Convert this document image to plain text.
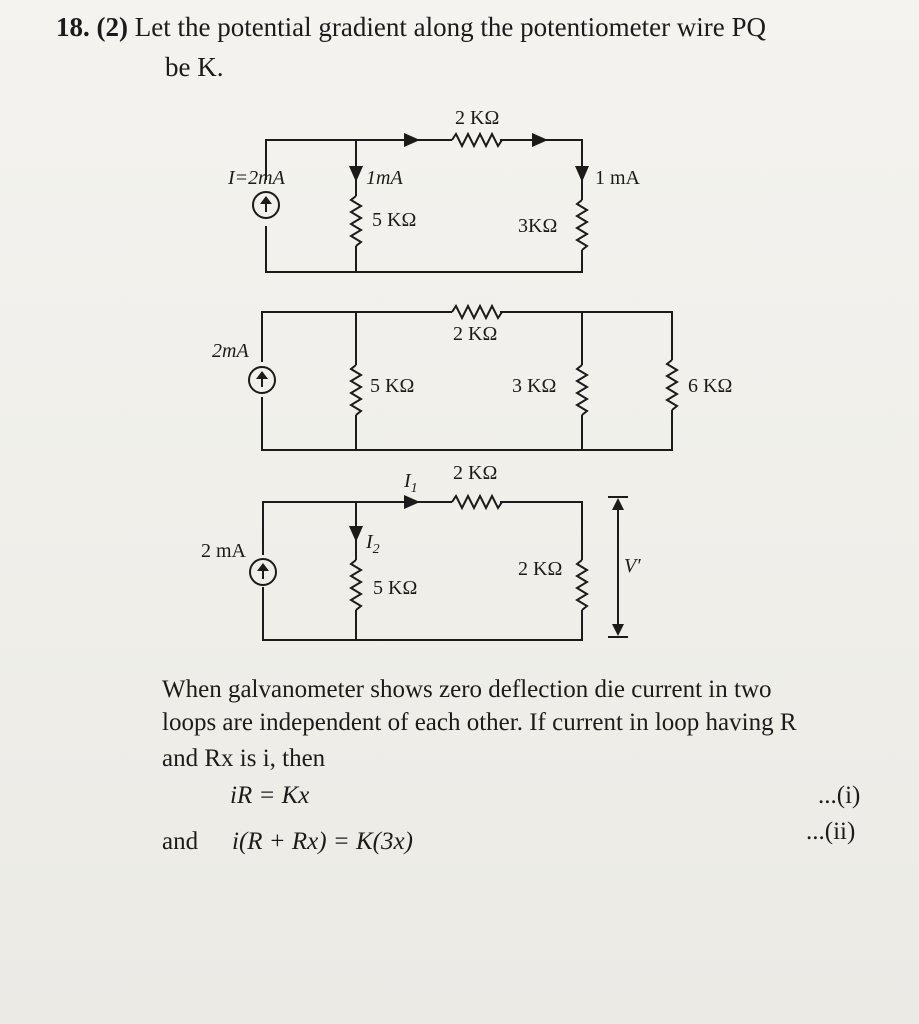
18. (2) Let the potential gradient along the potentiometer wire PQ
be K.
2 KΩ
I=2mA	1mA
5 KΩ
1 mA
3KΩ
2 KΩ
2mA
5 KΩ	3 KΩ	6 KΩ
$I_1$
2 KΩ
2 mA	$I_2$
5 KΩ
2 KΩ	V′
When galvanometer shows zero deflection die current in two
loops are independent of each other. If current in loop having R
and Rx is i, then
iR = Kx	...(i)
and i(R + Rx) = K(3x)	...(ii)
